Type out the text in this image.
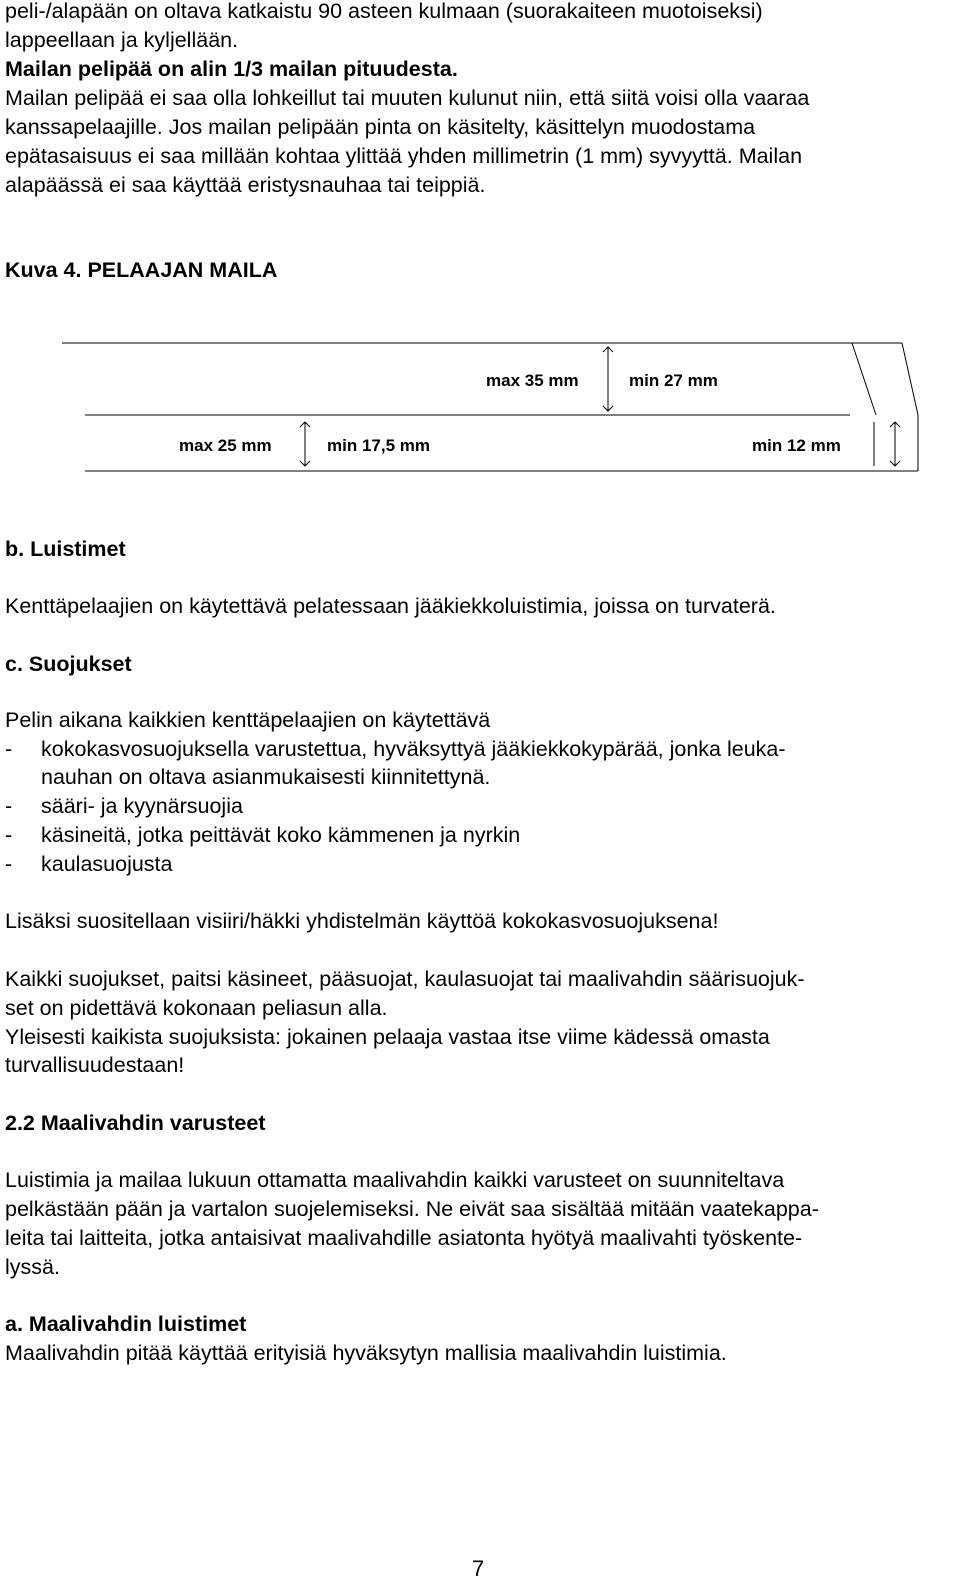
peli-/alapään on oltava katkaistu 90 asteen kulmaan (suorakaiteen muotoiseksi)
lappeellaan ja kyljellään.
Mailan pelipää on alin 1/3 mailan pituudesta.
Mailan pelipää ei saa olla lohkeillut tai muuten kulunut niin, että siitä voisi olla vaaraa
kanssapelaajille. Jos mailan pelipään pinta on käsitelty, käsittelyn muodostama
epätasaisuus ei saa millään kohtaa ylittää yhden millimetrin (1 mm) syvyyttä. Mailan
alapäässä ei saa käyttää eristysnauhaa tai teippiä.
Kuva 4. PELAAJAN MAILA
max 35 mm	min 27 mm
max 25 mm	min 17,5 mm	min 12 mm
b. Luistimet
Kenttäpelaajien on käytettävä pelatessaan jääkiekkoluistimia, joissa on turvaterä.
c. Suojukset
Pelin aikana kaikkien kenttäpelaajien on käytettävä
- kokokasvosuojuksella varustettua, hyväksyttyä jääkiekkokypärää, jonka leuka-
nauhan on oltava asianmukaisesti kiinnitettynä.
- sääri- ja kyynärsuojia
- käsineitä, jotka peittävät koko kämmenen ja nyrkin
- kaulasuojusta
Lisäksi suositellaan visiiri/häkki yhdistelmän käyttöä kokokasvosuojuksena!
Kaikki suojukset, paitsi käsineet, pääsuojat, kaulasuojat tai maalivahdin säärisuojuk-
set on pidettävä kokonaan peliasun alla.
Yleisesti kaikista suojuksista: jokainen pelaaja vastaa itse viime kädessä omasta
turvallisuudestaan!
2.2 Maalivahdin varusteet
Luistimia ja mailaa lukuun ottamatta maalivahdin kaikki varusteet on suunniteltava
pelkästään pään ja vartalon suojelemiseksi. Ne eivät saa sisältää mitään vaatekappa-
leita tai laitteita, jotka antaisivat maalivahdille asiatonta hyötyä maalivahti työskente-
lyssä.
a. Maalivahdin luistimet
Maalivahdin pitää käyttää erityisiä hyväksytyn mallisia maalivahdin luistimia.
7
